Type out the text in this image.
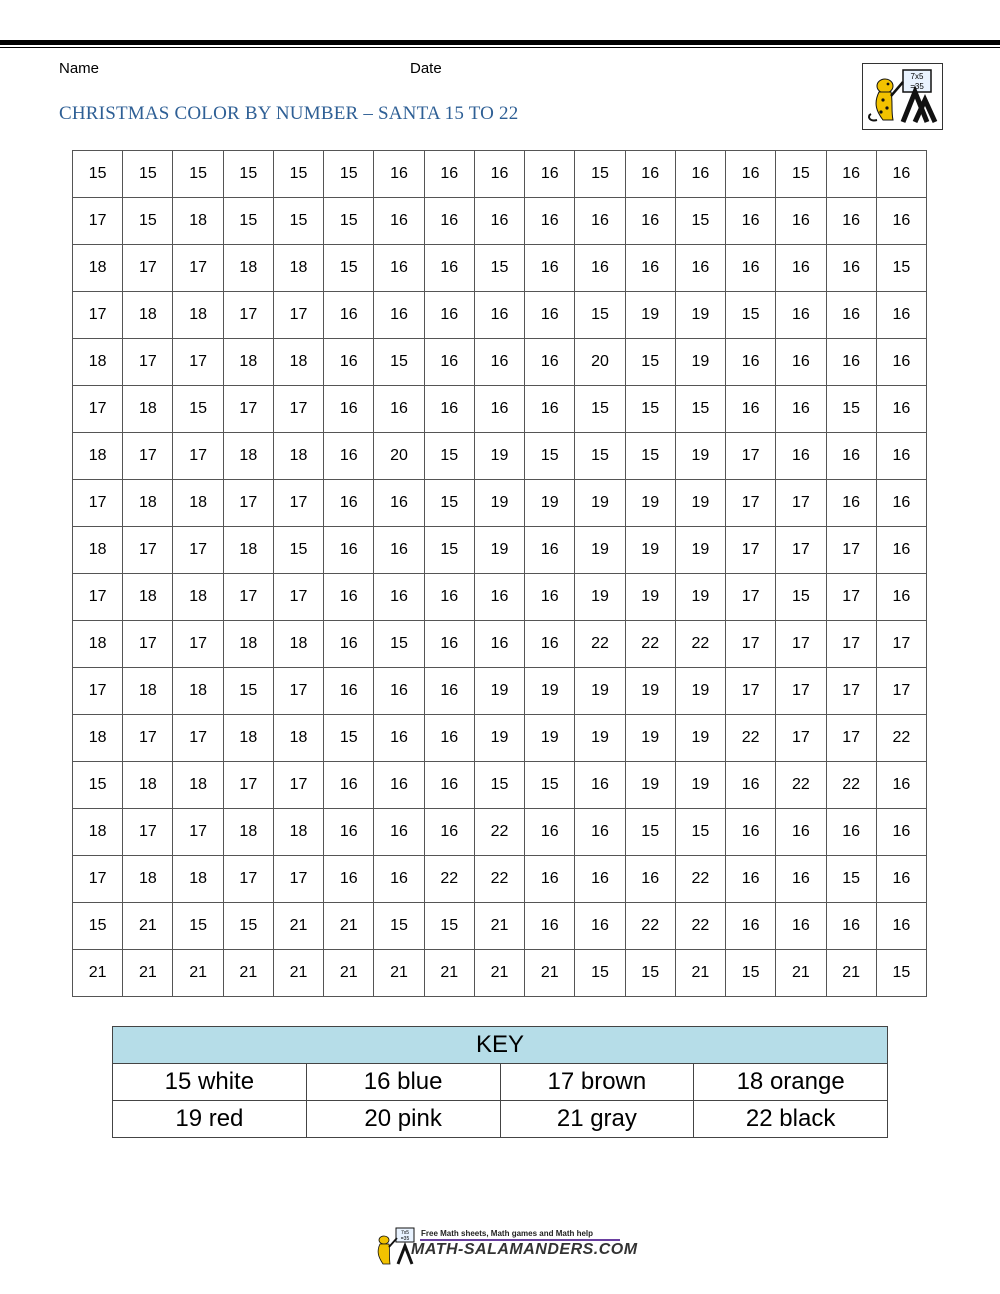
Name	Date
CHRISTMAS COLOR BY NUMBER – SANTA 15 TO 22
7x5
=35
15	15	15	15	15	15	16	16	16	16	15	16	16	16	15	16	16
17	15	18	15	15	15	16	16	16	16	16	16	15	16	16	16	16
18	17	17	18	18	15	16	16	15	16	16	16	16	16	16	16	15
17	18	18	17	17	16	16	16	16	16	15	19	19	15	16	16	16
18	17	17	18	18	16	15	16	16	16	20	15	19	16	16	16	16
17	18	15	17	17	16	16	16	16	16	15	15	15	16	16	15	16
18	17	17	18	18	16	20	15	19	15	15	15	19	17	16	16	16
17	18	18	17	17	16	16	15	19	19	19	19	19	17	17	16	16
18	17	17	18	15	16	16	15	19	16	19	19	19	17	17	17	16
17	18	18	17	17	16	16	16	16	16	19	19	19	17	15	17	16
18	17	17	18	18	16	15	16	16	16	22	22	22	17	17	17	17
17	18	18	15	17	16	16	16	19	19	19	19	19	17	17	17	17
18	17	17	18	18	15	16	16	19	19	19	19	19	22	17	17	22
15	18	18	17	17	16	16	16	15	15	16	19	19	16	22	22	16
18	17	17	18	18	16	16	16	22	16	16	15	15	16	16	16	16
17	18	18	17	17	16	16	22	22	16	16	16	22	16	16	15	16
15	21	15	15	21	21	15	15	21	16	16	22	22	16	16	16	16
21	21	21	21	21	21	21	21	21	21	15	15	21	15	21	21	15
KEY			
15 white	16 blue	17 brown	18 orange
19 red	20 pink	21 gray	22 black
7x5
=35
Free Math sheets, Math games and Math help
MATH-SALAMANDERS.COM
